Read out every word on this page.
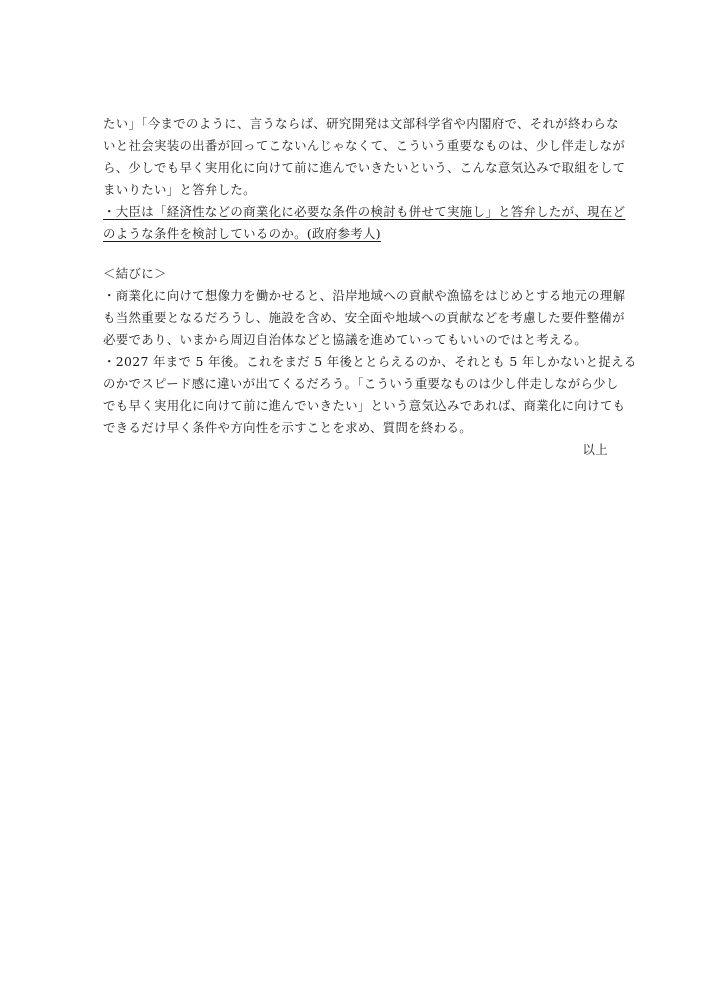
たい」「今までのように、言うならば、研究開発は文部科学省や内閣府で、それが終わらな
いと社会実装の出番が回ってこないんじゃなくて、こういう重要なものは、少し伴走しなが
ら、少しでも早く実用化に向けて前に進んでいきたいという、こんな意気込みで取組をして
まいりたい」と答弁した。
・大臣は「経済性などの商業化に必要な条件の検討も併せて実施し」と答弁したが、現在ど
のような条件を検討しているのか。(政府参考人)
＜結びに＞
・商業化に向けて想像力を働かせると、沿岸地域への貢献や漁協をはじめとする地元の理解
も当然重要となるだろうし、施設を含め、安全面や地域への貢献などを考慮した要件整備が
必要であり、いまから周辺自治体などと協議を進めていってもいいのではと考える。
・2027 年まで 5 年後。これをまだ 5 年後ととらえるのか、それとも 5 年しかないと捉える
のかでスピード感に違いが出てくるだろう。「こういう重要なものは少し伴走しながら少し
でも早く実用化に向けて前に進んでいきたい」という意気込みであれば、商業化に向けても
できるだけ早く条件や方向性を示すことを求め、質問を終わる。
以上
